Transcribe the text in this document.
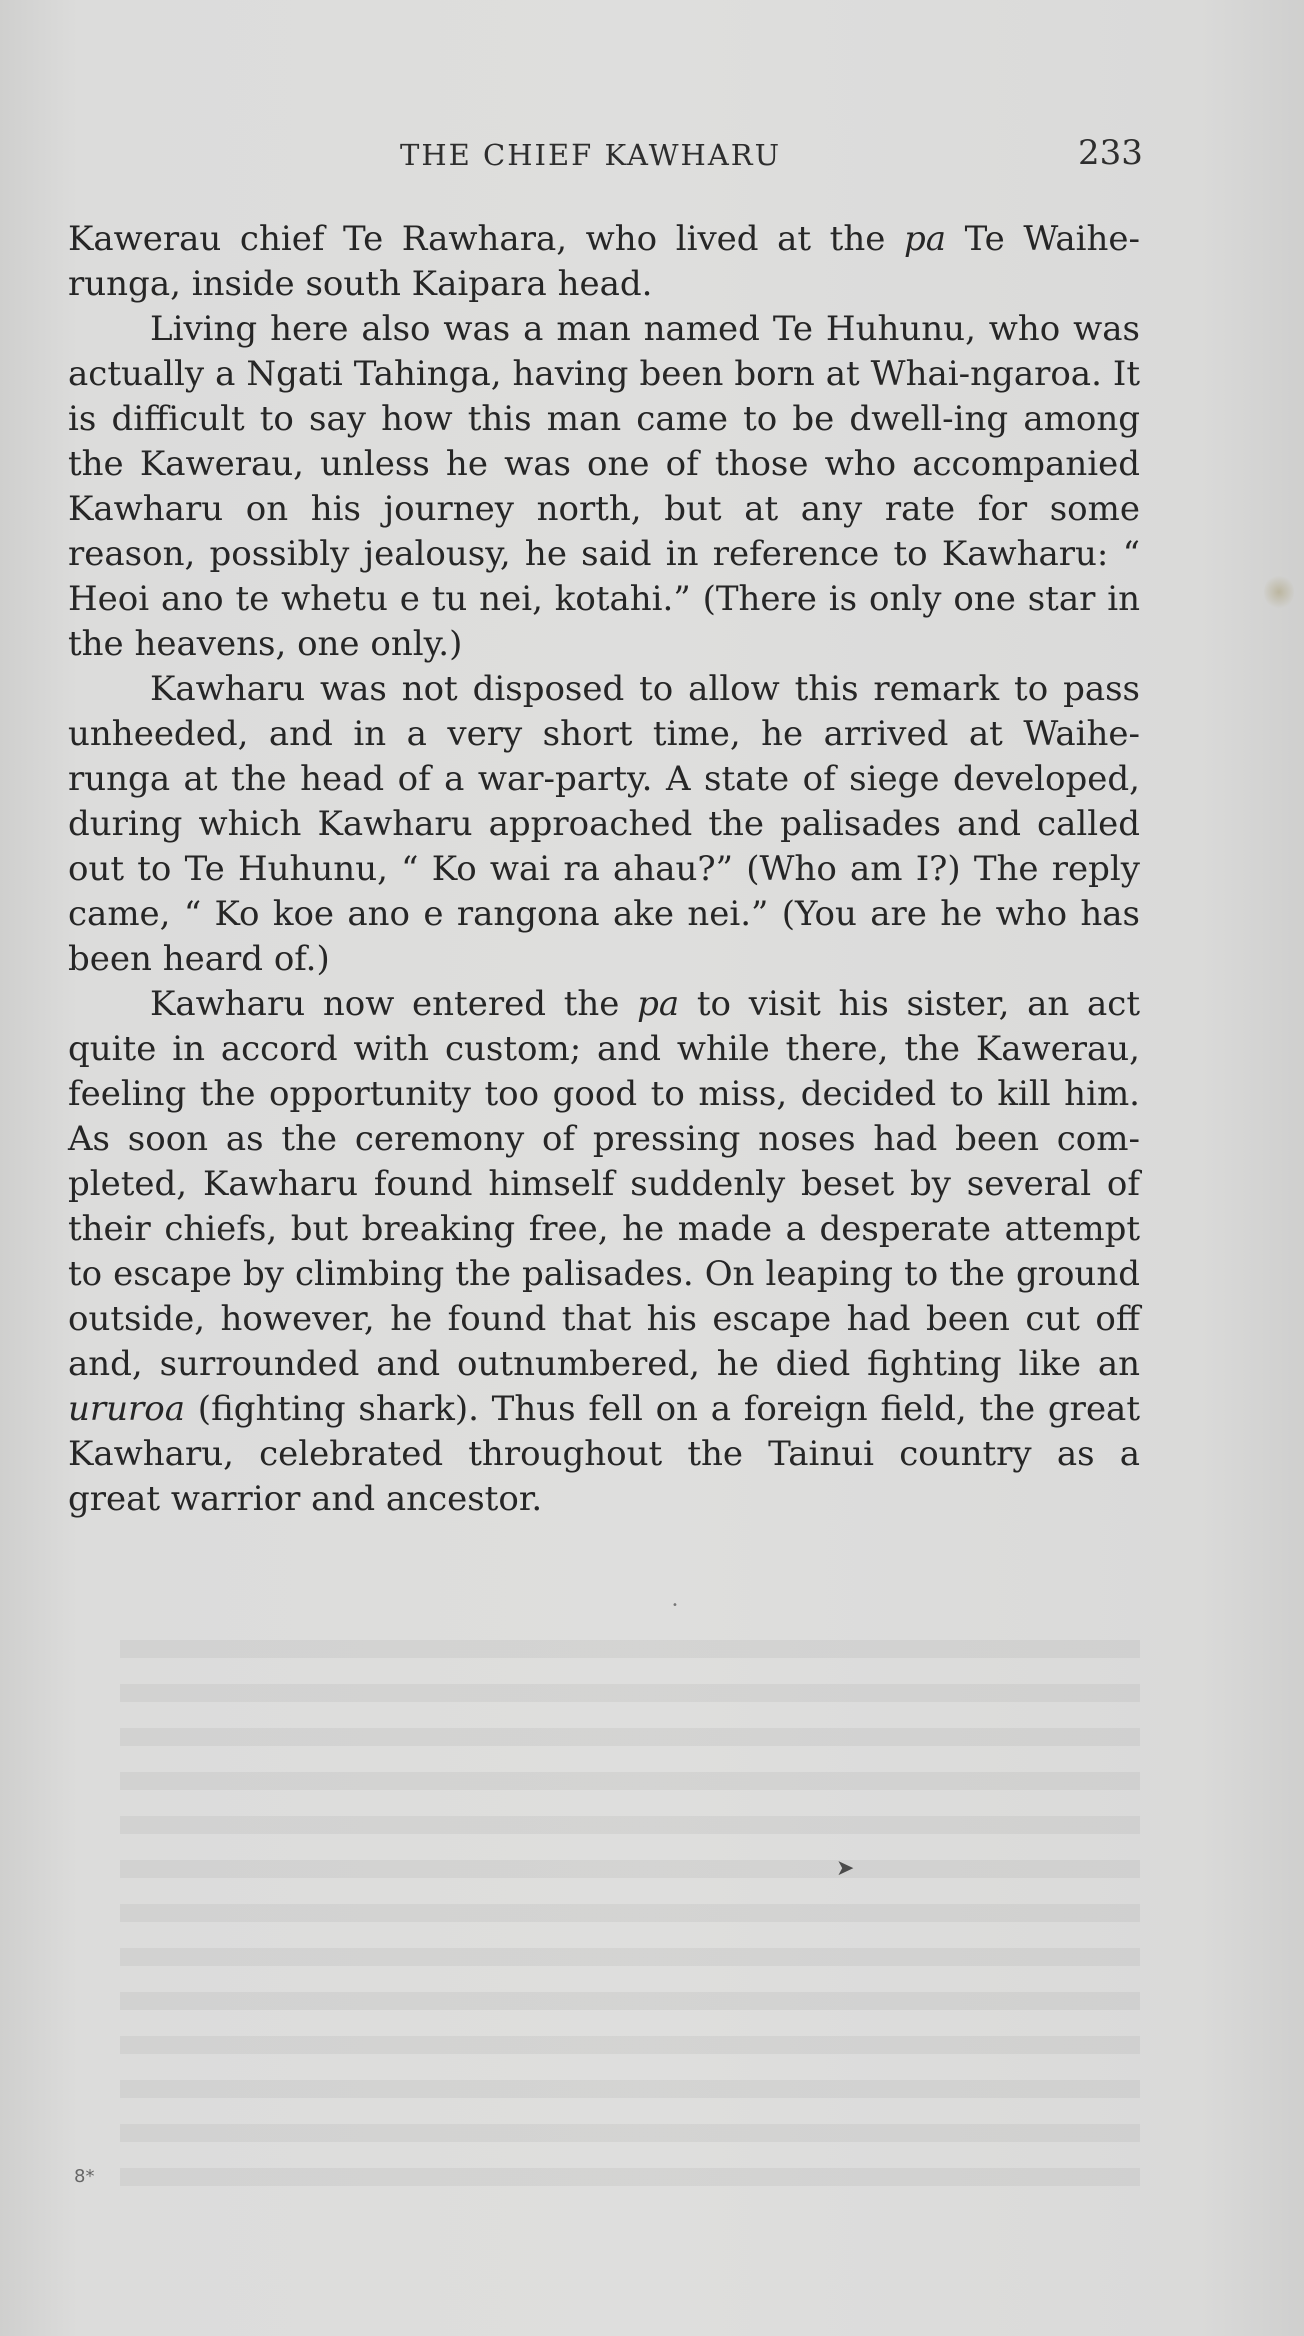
THE CHIEF KAWHARU	233

Kawerau chief Te Rawhara, who lived at the pa Te Waihe-runga, inside south Kaipara head.

Living here also was a man named Te Huhunu, who was actually a Ngati Tahinga, having been born at Whai-ngaroa. It is difficult to say how this man came to be dwell-ing among the Kawerau, unless he was one of those who accompanied Kawharu on his journey north, but at any rate for some reason, possibly jealousy, he said in reference to Kawharu: “ Heoi ano te whetu e tu nei, kotahi.” (There is only one star in the heavens, one only.)

Kawharu was not disposed to allow this remark to pass unheeded, and in a very short time, he arrived at Waihe-runga at the head of a war-party. A state of siege developed, during which Kawharu approached the palisades and called out to Te Huhunu, “ Ko wai ra ahau?” (Who am I?) The reply came, “ Ko koe ano e rangona ake nei.” (You are he who has been heard of.)

Kawharu now entered the pa to visit his sister, an act quite in accord with custom; and while there, the Kawerau, feeling the opportunity too good to miss, decided to kill him. As soon as the ceremony of pressing noses had been com-pleted, Kawharu found himself suddenly beset by several of their chiefs, but breaking free, he made a desperate attempt to escape by climbing the palisades. On leaping to the ground outside, however, he found that his escape had been cut off and, surrounded and outnumbered, he died fighting like an ururoa (fighting shark). Thus fell on a foreign field, the great Kawharu, celebrated throughout the Tainui country as a great warrior and ancestor.

•
➤
8*
